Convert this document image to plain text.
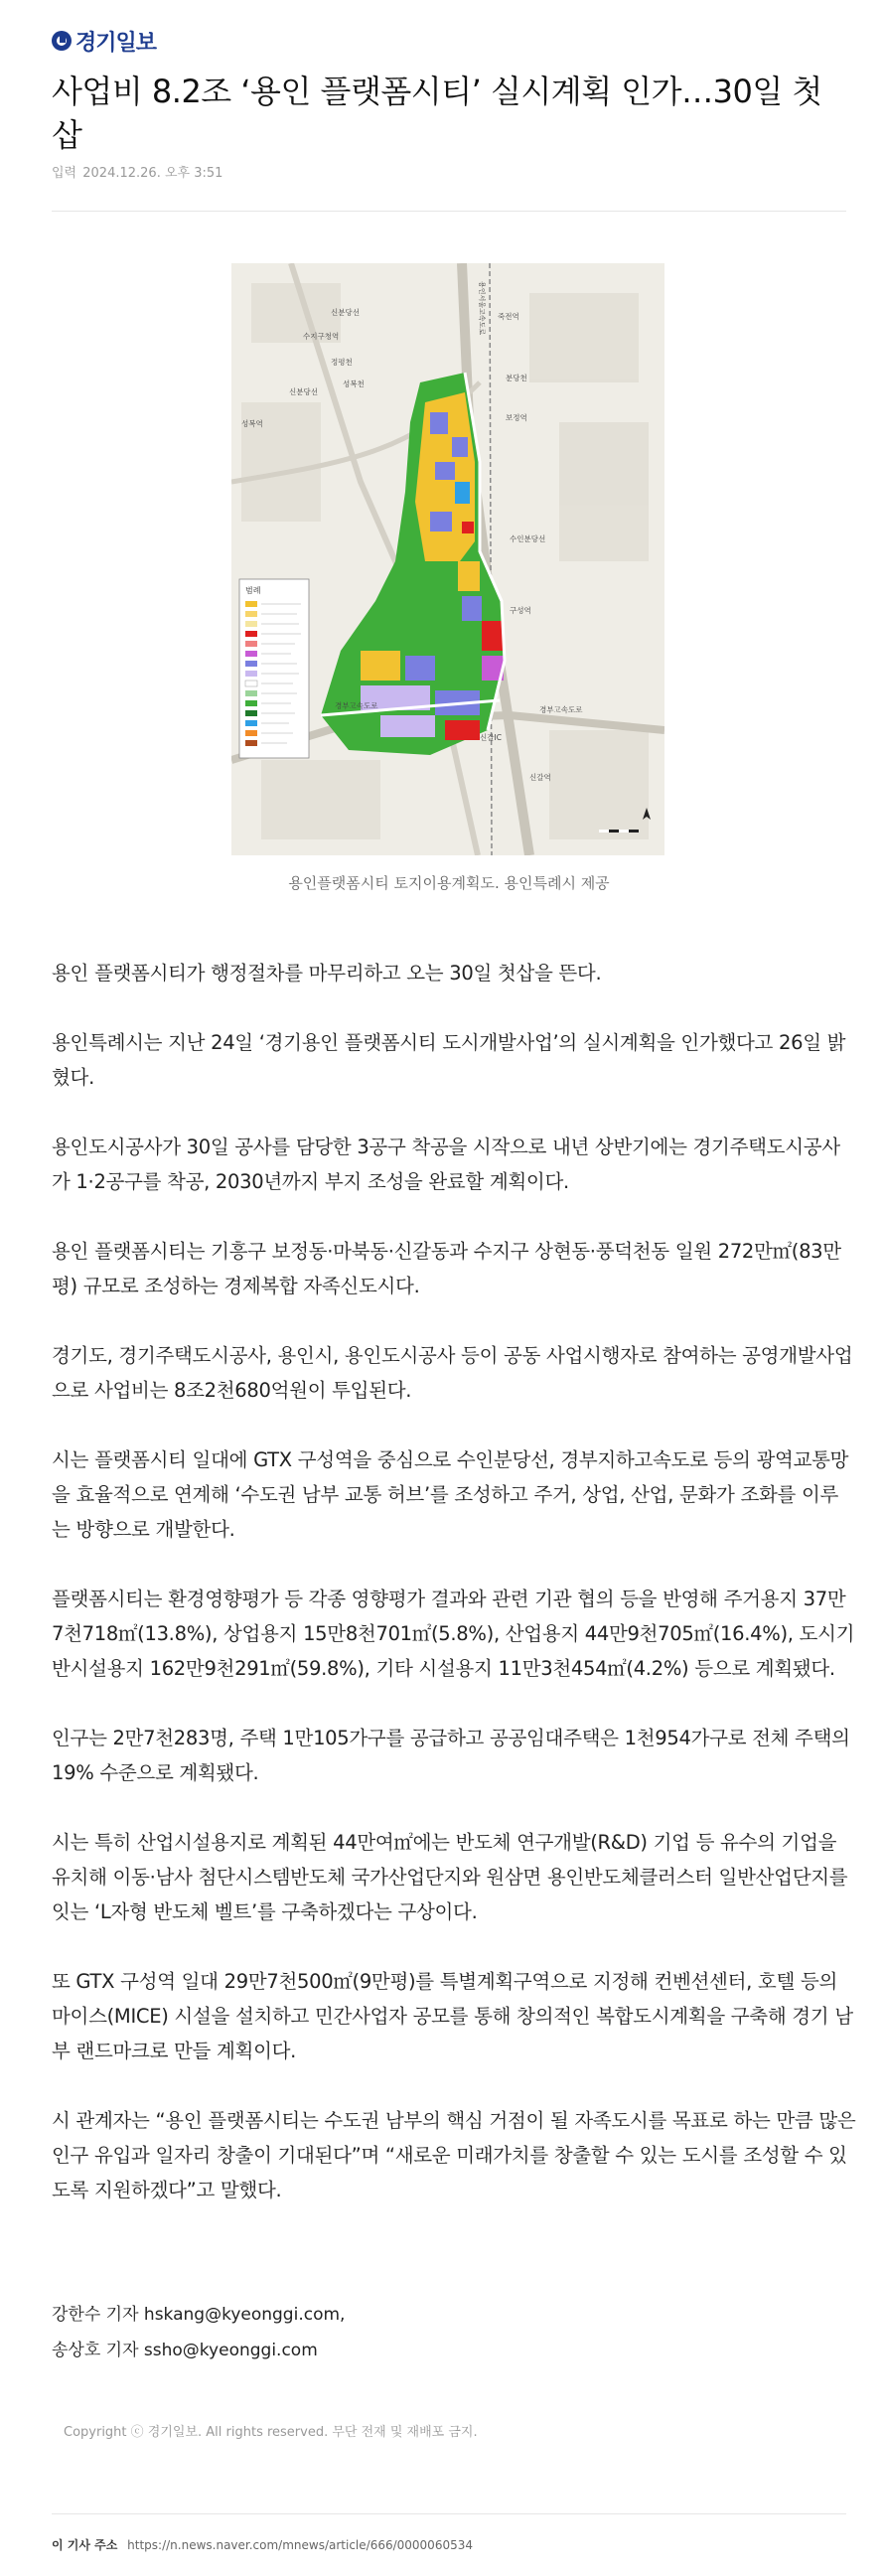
경기일보
사업비 8.2조 ‘용인 플랫폼시티’ 실시계획 인가…30일 첫삽
입력 2024.12.26. 오후 3:51
범례
신분당선
수지구청역
죽전역
정평천
성복천
신분당선
분당천
성복역
보정역
수인분당선
구성역
경부고속도로	경부고속도로
신갈IC
신갈역
용인서울고속도로
용인플랫폼시티 토지이용계획도. 용인특례시 제공

용인 플랫폼시티가 행정절차를 마무리하고 오는 30일 첫삽을 뜬다.

용인특례시는 지난 24일 ‘경기용인 플랫폼시티 도시개발사업’의 실시계획을 인가했다고 26일 밝혔다.

용인도시공사가 30일 공사를 담당한 3공구 착공을 시작으로 내년 상반기에는 경기주택도시공사가 1·2공구를 착공, 2030년까지 부지 조성을 완료할 계획이다.

용인 플랫폼시티는 기흥구 보정동·마북동·신갈동과 수지구 상현동·풍덕천동 일원 272만㎡(83만평) 규모로 조성하는 경제복합 자족신도시다.

경기도, 경기주택도시공사, 용인시, 용인도시공사 등이 공동 사업시행자로 참여하는 공영개발사업으로 사업비는 8조2천680억원이 투입된다.

시는 플랫폼시티 일대에 GTX 구성역을 중심으로 수인분당선, 경부지하고속도로 등의 광역교통망을 효율적으로 연계해 ‘수도권 남부 교통 허브’를 조성하고 주거, 상업, 산업, 문화가 조화를 이루는 방향으로 개발한다.

플랫폼시티는 환경영향평가 등 각종 영향평가 결과와 관련 기관 협의 등을 반영해 주거용지 37만7천718㎡(13.8%), 상업용지 15만8천701㎡(5.8%), 산업용지 44만9천705㎡(16.4%), 도시기반시설용지 162만9천291㎡(59.8%), 기타 시설용지 11만3천454㎡(4.2%) 등으로 계획됐다.

인구는 2만7천283명, 주택 1만105가구를 공급하고 공공임대주택은 1천954가구로 전체 주택의 19% 수준으로 계획됐다.

시는 특히 산업시설용지로 계획된 44만여㎡에는 반도체 연구개발(R&D) 기업 등 유수의 기업을 유치해 이동·남사 첨단시스템반도체 국가산업단지와 원삼면 용인반도체클러스터 일반산업단지를 잇는 ‘L자형 반도체 벨트’를 구축하겠다는 구상이다.

또 GTX 구성역 일대 29만7천500㎡(9만평)를 특별계획구역으로 지정해 컨벤션센터, 호텔 등의 마이스(MICE) 시설을 설치하고 민간사업자 공모를 통해 창의적인 복합도시계획을 구축해 경기 남부 랜드마크로 만들 계획이다.

시 관계자는 “용인 플랫폼시티는 수도권 남부의 핵심 거점이 될 자족도시를 목표로 하는 만큼 많은 인구 유입과 일자리 창출이 기대된다”며 “새로운 미래가치를 창출할 수 있는 도시를 조성할 수 있도록 지원하겠다”고 말했다.

강한수 기자 hskang@kyeonggi.com,
송상호 기자 ssho@kyeonggi.com
Copyright ⓒ 경기일보. All rights reserved. 무단 전재 및 재배포 금지.
이 기사 주소 https://n.news.naver.com/mnews/article/666/0000060534
